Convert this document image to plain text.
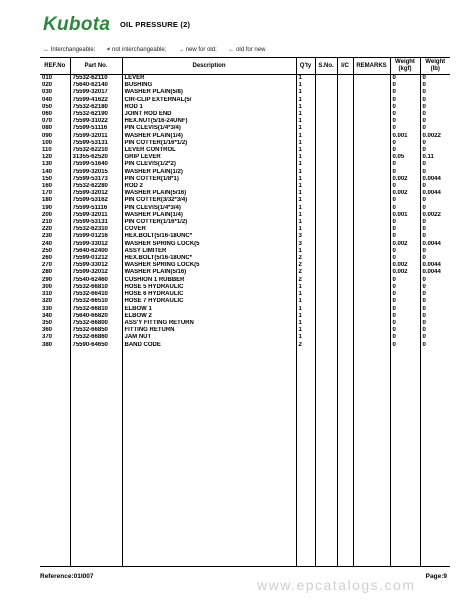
Kubota OIL PRESSURE (2)
↔ Interchangeable; ≠ not interchangeable; → new for old; ← old for new
REF.No	Part No.	Description	Q'ty	S.No.	I/C	REMARKS	Weight (kgf)	Weight (lb)
010	75532-62110	LEVER	1				0	0
020	75640-62140	BUSHING	1				0	0
030	75599-32017	WASHER PLAIN(5/8)	1				0	0
040	75599-41622	CIR-CLIP EXTERNAL(5/	1				0	0
050	75532-62180	ROD 1	1				0	0
060	75532-62190	JOINT ROD END	1				0	0
070	75599-31022	HEX.NUT(5/16-24UNF)	1				0	0
080	75599-51116	PIN CLEVIS(1/4*3/4)	1				0	0
090	75599-32011	WASHER PLAIN(1/4)	1				0.001	0.0022
100	75599-53131	PIN COTTER(1/16*1/2)	1				0	0
110	75532-62210	LEVER CONTROL	1				0	0
120	31355-62520	GRIP LEVER	1				0.05	0.11
130	75599-51640	PIN CLEVIS(1/2*2)	1				0	0
140	75599-32015	WASHER PLAIN(1/2)	1				0	0
150	75599-53173	PIN COTTER(1/8*1)	1				0.002	0.0044
160	75532-62280	ROD 2	1				0	0
170	75599-32012	WASHER PLAIN(5/16)	1				0.002	0.0044
180	75599-53162	PIN COTTER(3/32*3/4)	1				0	0
190	75599-51116	PIN CLEVIS(1/4*3/4)	1				0	0
200	75599-32011	WASHER PLAIN(1/4)	1				0.001	0.0022
210	75599-53131	PIN COTTER(1/16*1/2)	1				0	0
220	75532-62310	COVER	1				0	0
230	75599-01216	HEX.BOLT(5/16-18UNC*	3				0	0
240	75599-33012	WASHER SPRING LOCK(5	3				0.002	0.0044
250	75640-62400	ASSY LIMITER	1				0	0
260	75599-01212	HEX.BOLT(5/16-18UNC*	2				0	0
270	75599-33012	WASHER SPRING LOCK(5	2				0.002	0.0044
280	75599-32012	WASHER PLAIN(5/16)	2				0.002	0.0044
290	75540-62460	CUSHION 1 RUBBER	2				0	0
300	75532-66810	HOSE 5 HYDRAULIC	1				0	0
310	75532-66410	HOSE 6 HYDRAULIC	1				0	0
320	75532-66510	HOSE 7 HYDRAULIC	1				0	0
330	75532-66810	ELBOW 1	1				0	0
340	75640-66820	ELBOW 2	1				0	0
350	75532-66800	ASS'Y FITTING RETURN	1				0	0
360	75532-66850	FITTING RETURN	1				0	0
370	75532-66860	JAM NUT	1				0	0
380	75590-64650	BAND CODE	2				0	0

Reference:01I007
www.epcatalogs.com
Page:9
